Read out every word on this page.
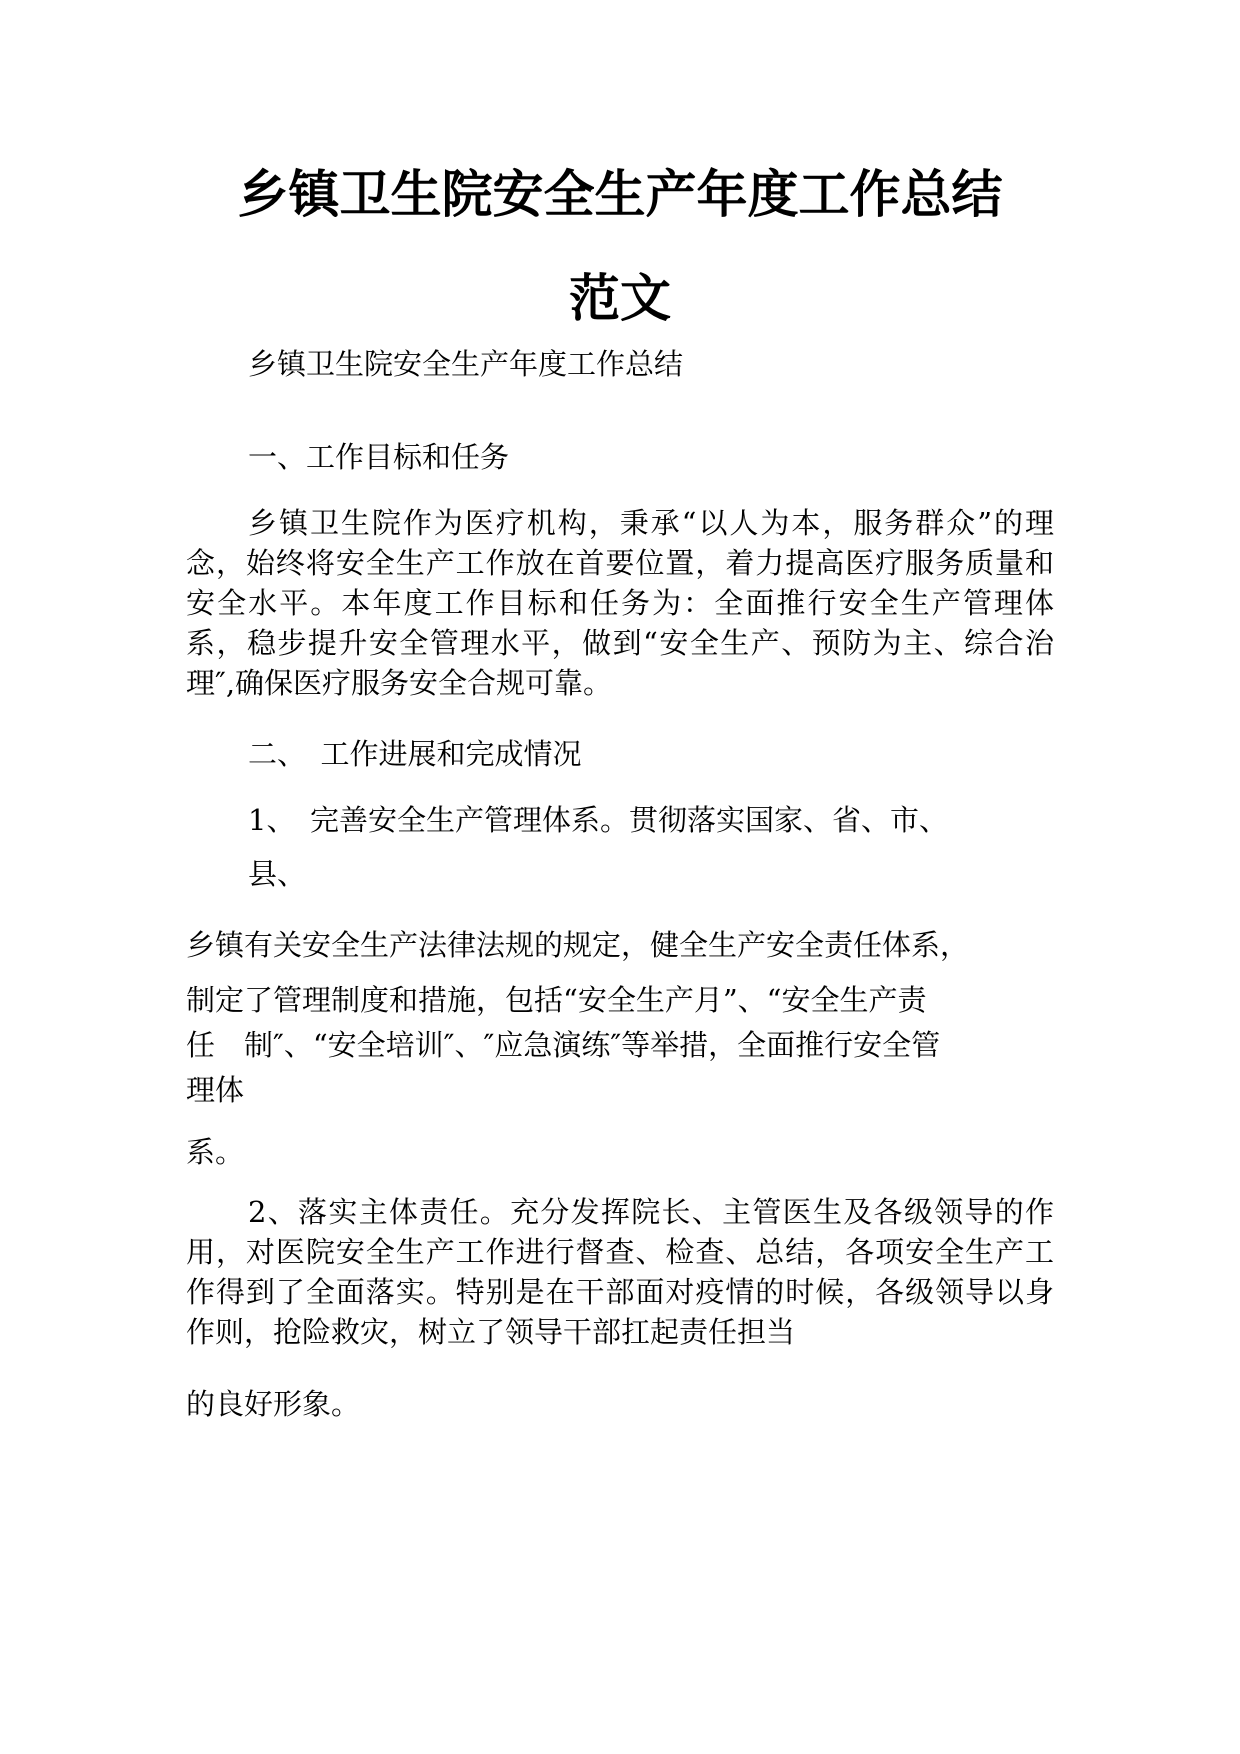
乡镇卫生院安全生产年度工作总结
范文
乡镇卫生院安全生产年度工作总结
一、工作目标和任务
乡镇卫生院作为医疗机构，秉承“以人为本，服务群众”的理念，始终将安全生产工作放在首要位置，着力提高医疗服务质量和安全水平。本年度工作目标和任务为：全面推行安全生产管理体系，稳步提升安全管理水平，做到“安全生产、预防为主、综合治理″,确保医疗服务安全合规可靠。
二、　工作进展和完成情况
1、　完善安全生产管理体系。贯彻落实国家、省、市、
县、
乡镇有关安全生产法律法规的规定，健全生产安全责任体系，
制定了管理制度和措施，包括“安全生产月”、“安全生产责
任　制″、“安全培训″、″应急演练″等举措，全面推行安全管
理体
系。
2、落实主体责任。充分发挥院长、主管医生及各级领导的作用，对医院安全生产工作进行督查、检查、总结，各项安全生产工作得到了全面落实。特别是在干部面对疫情的时候，各级领导以身作则，抢险救灾，树立了领导干部扛起责任担当
的良好形象。
